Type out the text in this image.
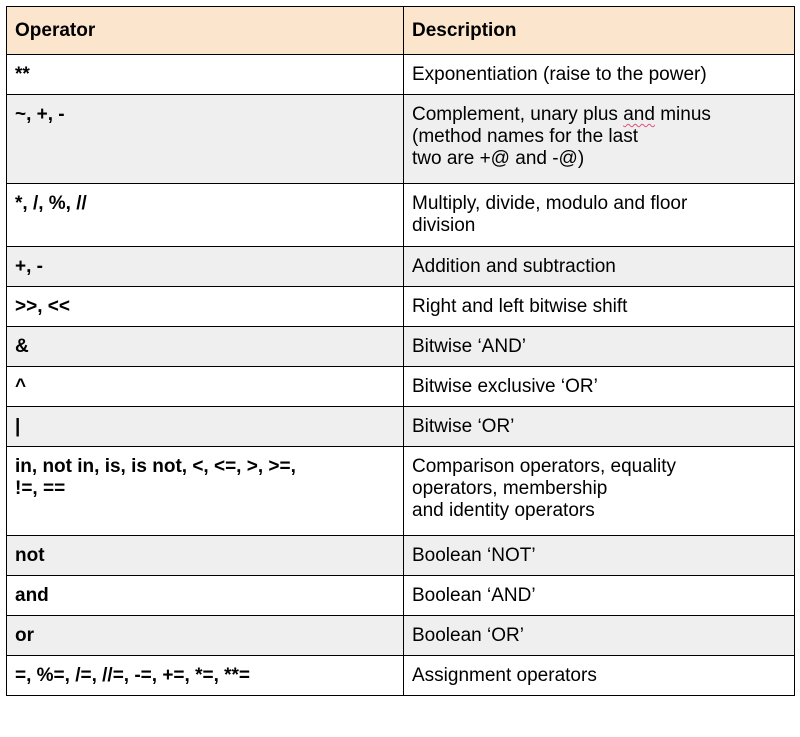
Operator	Description

**	Exponentiation (raise to the power)

~, +, -	Complement, unary plus and minus
(method names for the last
two are +@ and -@)

*, /, %, //	Multiply, divide, modulo and floor
division

+, -	Addition and subtraction

>>, <<	Right and left bitwise shift

&	Bitwise ‘AND’

^	Bitwise exclusive ‘OR’

|	Bitwise ‘OR’

in, not in, is, is not, <, <=, >, >=,
!=, ==	Comparison operators, equality
operators, membership
and identity operators

not	Boolean ‘NOT’

and	Boolean ‘AND’

or	Boolean ‘OR’

=, %=, /=, //=, -=, +=, *=, **=	Assignment operators
